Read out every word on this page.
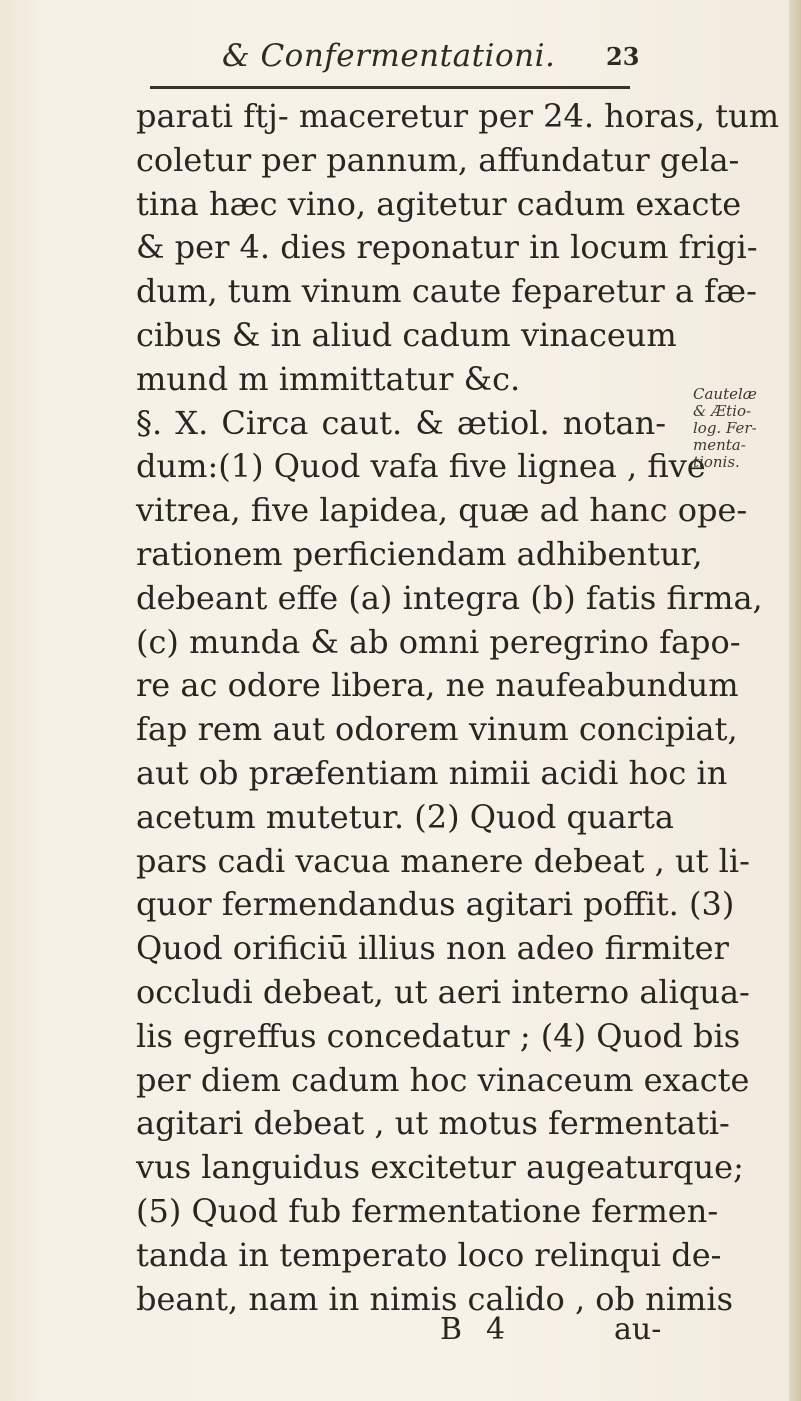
& Confermentationi. 23
parati ftj- maceretur per 24. horas, tum
coletur per pannum, affundatur gela-
tina hæc vino, agitetur cadum exacte
& per 4. dies reponatur in locum frigi-
dum, tum vinum caute feparetur a fæ-
cibus & in aliud cadum vinaceum
mund m immittatur &c.
§. X. Circa caut. & ætiol. notan-
dum:(1) Quod vafa five lignea , five
vitrea, five lapidea, quæ ad hanc ope-
rationem perficiendam adhibentur,
debeant effe (a) integra (b) fatis firma,
(c) munda & ab omni peregrino fapo-
re ac odore libera, ne naufeabundum
fap rem aut odorem vinum concipiat,
aut ob præfentiam nimii acidi hoc in
acetum mutetur. (2) Quod quarta
pars cadi vacua manere debeat , ut li-
quor fermendandus agitari poffit. (3)
Quod orificiū illius non adeo firmiter
occludi debeat, ut aeri interno aliqua-
lis egreffus concedatur ; (4) Quod bis
per diem cadum hoc vinaceum exacte
agitari debeat , ut motus fermentati-
vus languidus excitetur augeaturque;
(5) Quod fub fermentatione fermen-
tanda in temperato loco relinqui de-
beant, nam in nimis calido , ob nimis
Cautelæ
& Ætio-
log. Fer-
menta-
tionis.
B 4	au-
